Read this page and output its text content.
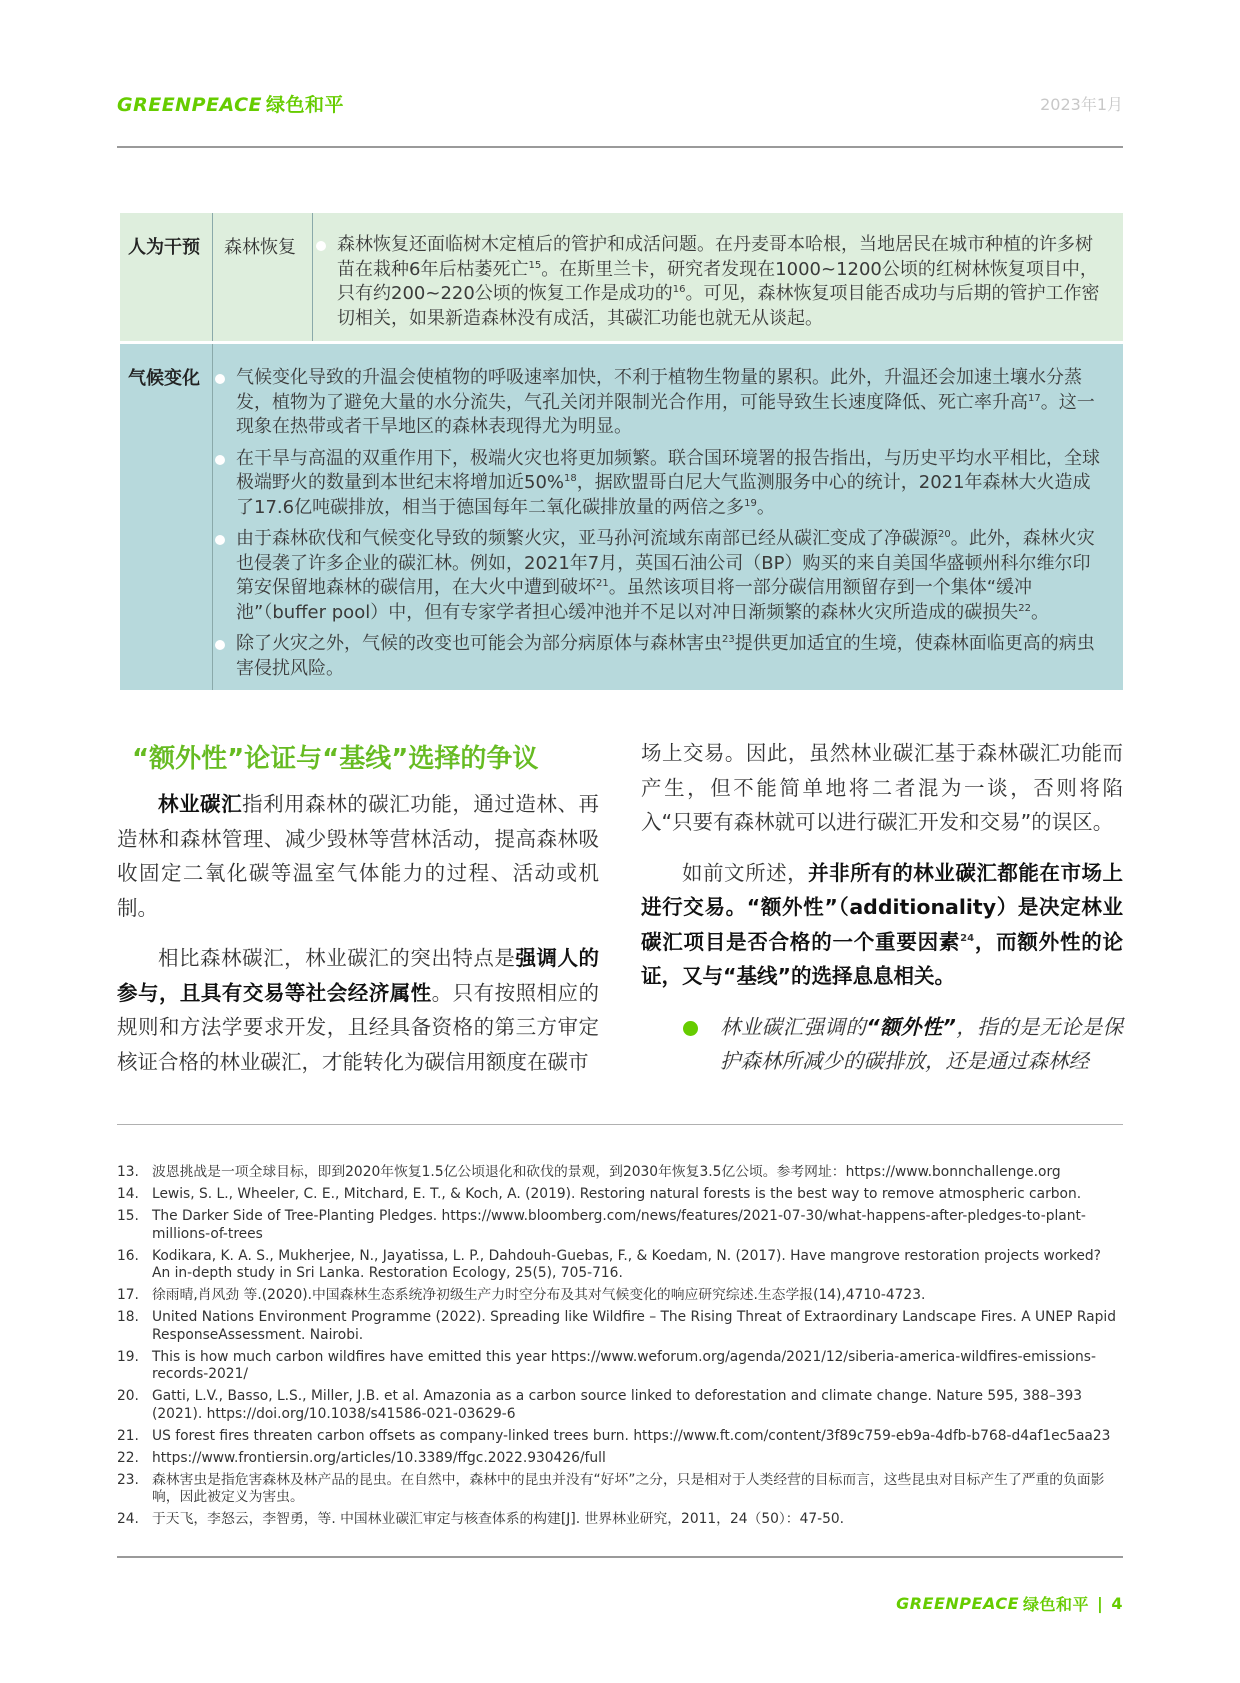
GREENPEACE 绿色和平	2023年1月
人为干预 森林恢复	森林恢复还面临树木定植后的管护和成活问题。在丹麦哥本哈根，当地居民在城市种植的许多树苗在栽种6年后枯萎死亡$^{15}$。在斯里兰卡，研究者发现在1000~1200公顷的红树林恢复项目中，只有约200~220公顷的恢复工作是成功的$^{16}$。可见，森林恢复项目能否成功与后期的管护工作密切相关，如果新造森林没有成活，其碳汇功能也就无从谈起。
气候变化	气候变化导致的升温会使植物的呼吸速率加快，不利于植物生物量的累积。此外，升温还会加速土壤水分蒸发，植物为了避免大量的水分流失，气孔关闭并限制光合作用，可能导致生长速度降低、死亡率升高$^{17}$。这一现象在热带或者干旱地区的森林表现得尤为明显。
在干旱与高温的双重作用下，极端火灾也将更加频繁。联合国环境署的报告指出，与历史平均水平相比，全球极端野火的数量到本世纪末将增加近50%$^{18}$，据欧盟哥白尼大气监测服务中心的统计，2021年森林大火造成了17.6亿吨碳排放，相当于德国每年二氧化碳排放量的两倍之多$^{19}$。
由于森林砍伐和气候变化导致的频繁火灾，亚马孙河流域东南部已经从碳汇变成了净碳源$^{20}$。此外，森林火灾也侵袭了许多企业的碳汇林。例如，2021年7月，英国石油公司（BP）购买的来自美国华盛顿州科尔维尔印第安保留地森林的碳信用，在大火中遭到破坏$^{21}$。虽然该项目将一部分碳信用额留存到一个集体“缓冲池”（buffer pool）中，但有专家学者担心缓冲池并不足以对冲日渐频繁的森林火灾所造成的碳损失$^{22}$。
除了火灾之外，气候的改变也可能会为部分病原体与森林害虫$^{23}$提供更加适宜的生境，使森林面临更高的病虫害侵扰风险。
“额外性”论证与“基线”选择的争议

林业碳汇指利用森林的碳汇功能，通过造林、再造林和森林管理、减少毁林等营林活动，提高森林吸收固定二氧化碳等温室气体能力的过程、活动或机制。

相比森林碳汇，林业碳汇的突出特点是强调人的参与，且具有交易等社会经济属性。只有按照相应的规则和方法学要求开发，且经具备资格的第三方审定核证合格的林业碳汇，才能转化为碳信用额度在碳市

场上交易。因此，虽然林业碳汇基于森林碳汇功能而产生，但不能简单地将二者混为一谈，否则将陷入“只要有森林就可以进行碳汇开发和交易”的误区。

如前文所述，并非所有的林业碳汇都能在市场上进行交易。“额外性”（additionality）是决定林业碳汇项目是否合格的一个重要因素$^{24}$，而额外性的论证，又与“基线”的选择息息相关。

林业碳汇强调的“额外性”，指的是无论是保护森林所减少的碳排放，还是通过森林经
13. 波恩挑战是一项全球目标，即到2020年恢复1.5亿公顷退化和砍伐的景观，到2030年恢复3.5亿公顷。参考网址：https://www.bonnchallenge.org
14. Lewis, S. L., Wheeler, C. E., Mitchard, E. T., & Koch, A. (2019). Restoring natural forests is the best way to remove atmospheric carbon.
15. The Darker Side of Tree-Planting Pledges. https://www.bloomberg.com/news/features/2021-07-30/what-happens-after-pledges-to-plant-millions-of-trees
16. Kodikara, K. A. S., Mukherjee, N., Jayatissa, L. P., Dahdouh-Guebas, F., & Koedam, N. (2017). Have mangrove restoration projects worked? An in-depth study in Sri Lanka. Restoration Ecology, 25(5), 705-716.
17. 徐雨晴,肖风劲 等.(2020).中国森林生态系统净初级生产力时空分布及其对气候变化的响应研究综述.生态学报(14),4710-4723.
18. United Nations Environment Programme (2022). Spreading like Wildfire – The Rising Threat of Extraordinary Landscape Fires. A UNEP Rapid ResponseAssessment. Nairobi.
19. This is how much carbon wildfires have emitted this year https://www.weforum.org/agenda/2021/12/siberia-america-wildfires-emissions-records-2021/
20. Gatti, L.V., Basso, L.S., Miller, J.B. et al. Amazonia as a carbon source linked to deforestation and climate change. Nature 595, 388–393 (2021). https://doi.org/10.1038/s41586-021-03629-6
21. US forest fires threaten carbon offsets as company-linked trees burn. https://www.ft.com/content/3f89c759-eb9a-4dfb-b768-d4af1ec5aa23
22. https://www.frontiersin.org/articles/10.3389/ffgc.2022.930426/full
23. 森林害虫是指危害森林及林产品的昆虫。在自然中，森林中的昆虫并没有“好坏”之分，只是相对于人类经营的目标而言，这些昆虫对目标产生了严重的负面影响，因此被定义为害虫。
24. 于天飞，李怒云，李智勇，等. 中国林业碳汇审定与核查体系的构建[J]. 世界林业研究，2011，24（50）：47-50.
GREENPEACE 绿色和平 | 4
